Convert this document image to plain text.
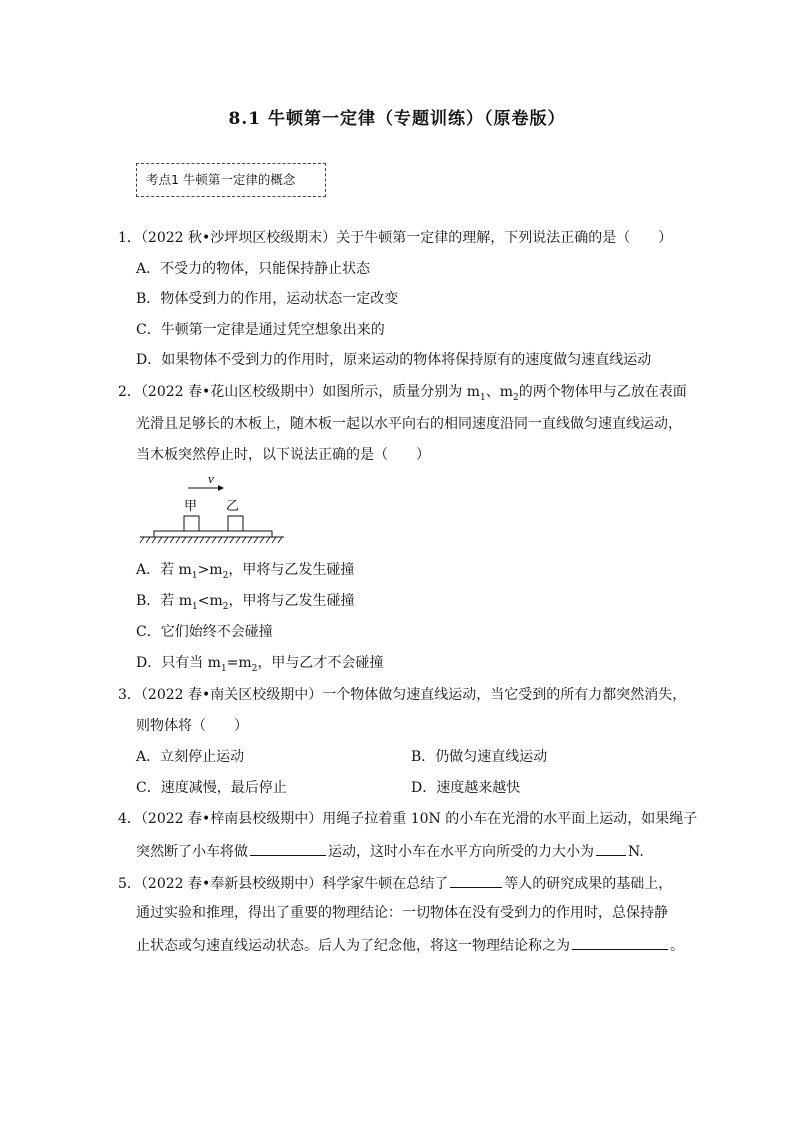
8.1 牛顿第一定律（专题训练）（原卷版）
考点1 牛顿第一定律的概念
1．（2022 秋•沙坪坝区校级期末）关于牛顿第一定律的理解，下列说法正确的是（　　）
A．不受力的物体，只能保持静止状态
B．物体受到力的作用，运动状态一定改变
C．牛顿第一定律是通过凭空想象出来的
D．如果物体不受到力的作用时，原来运动的物体将保持原有的速度做匀速直线运动
2．（2022 春•花山区校级期中）如图所示，质量分别为 $m_1$、$m_2$的两个物体甲与乙放在表面
光滑且足够长的木板上，随木板一起以水平向右的相同速度沿同一直线做匀速直线运动，
当木板突然停止时，以下说法正确的是（　　）
v
甲 乙
A．若 $m_1>m_2$，甲将与乙发生碰撞
B．若 $m_1<m_2$，甲将与乙发生碰撞
C．它们始终不会碰撞
D．只有当 $m_1=m_2$，甲与乙才不会碰撞
3．（2022 春•南关区校级期中）一个物体做匀速直线运动，当它受到的所有力都突然消失，
则物体将（　　）
A．立刻停止运动	B．仍做匀速直线运动
C．速度减慢，最后停止	D．速度越来越快
4．（2022 春•梓南县校级期中）用绳子拉着重 10N 的小车在光滑的水平面上运动，如果绳子
突然断了小车将做	运动，这时小车在水平方向所受的力大小为 N.
5．（2022 春•奉新县校级期中）科学家牛顿在总结了	等人的研究成果的基础上，
通过实验和推理，得出了重要的物理结论：一切物体在没有受到力的作用时，总保持静
止状态或匀速直线运动状态。后人为了纪念他，将这一物理结论称之为	。
